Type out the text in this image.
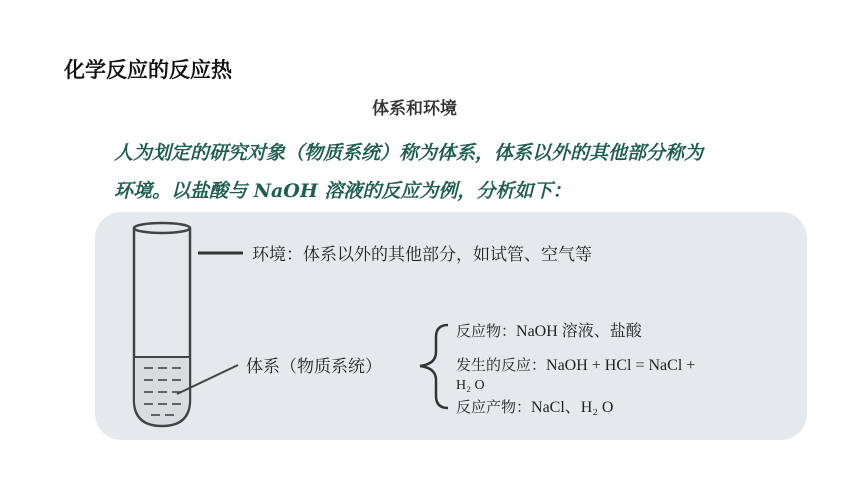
化学反应的反应热
体系和环境
人为划定的研究对象（物质系统）称为体系，体系以外的其他部分称为
环境。以盐酸与 NaOH 溶液的反应为例，分析如下：
环境：体系以外的其他部分，如试管、空气等
体系（物质系统）
反应物：NaOH 溶液、盐酸
发生的反应：NaOH + HCl = NaCl +
H₂ O
反应产物：NaCl、H₂ O
